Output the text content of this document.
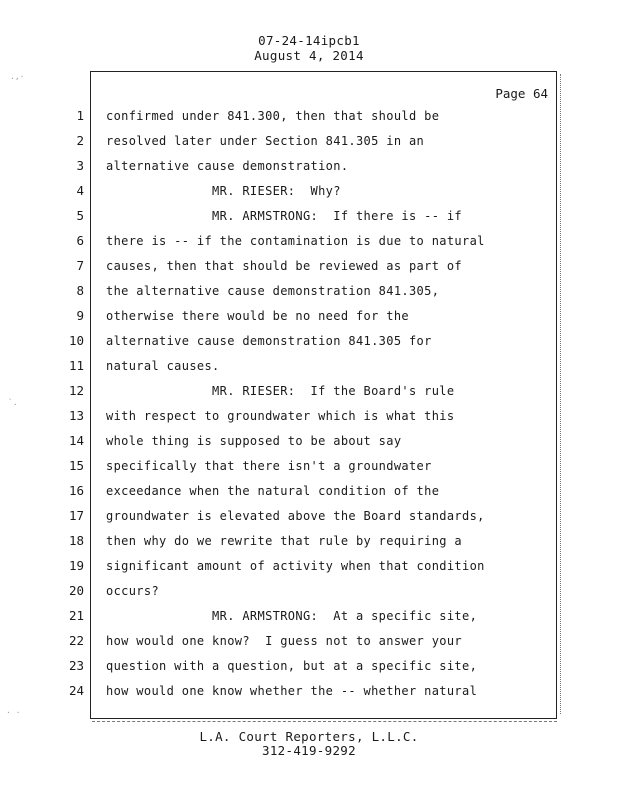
07-24-14ipcb1
August 4, 2014
.,·
`.
. .
Page 64
1
2
3
4
5
6
7
8
9
10
11
12
13
14
15
16
17
18
19
20
21
22
23
24
confirmed under 841.300, then that should be
resolved later under Section 841.305 in an
alternative cause demonstration.
MR. RIESER:  Why?
MR. ARMSTRONG:  If there is -- if
there is -- if the contamination is due to natural
causes, then that should be reviewed as part of
the alternative cause demonstration 841.305,
otherwise there would be no need for the
alternative cause demonstration 841.305 for
natural causes.
MR. RIESER:  If the Board's rule
with respect to groundwater which is what this
whole thing is supposed to be about say
specifically that there isn't a groundwater
exceedance when the natural condition of the
groundwater is elevated above the Board standards,
then why do we rewrite that rule by requiring a
significant amount of activity when that condition
occurs?
MR. ARMSTRONG:  At a specific site,
how would one know?  I guess not to answer your
question with a question, but at a specific site,
how would one know whether the -- whether natural
L.A. Court Reporters, L.L.C.
312-419-9292
